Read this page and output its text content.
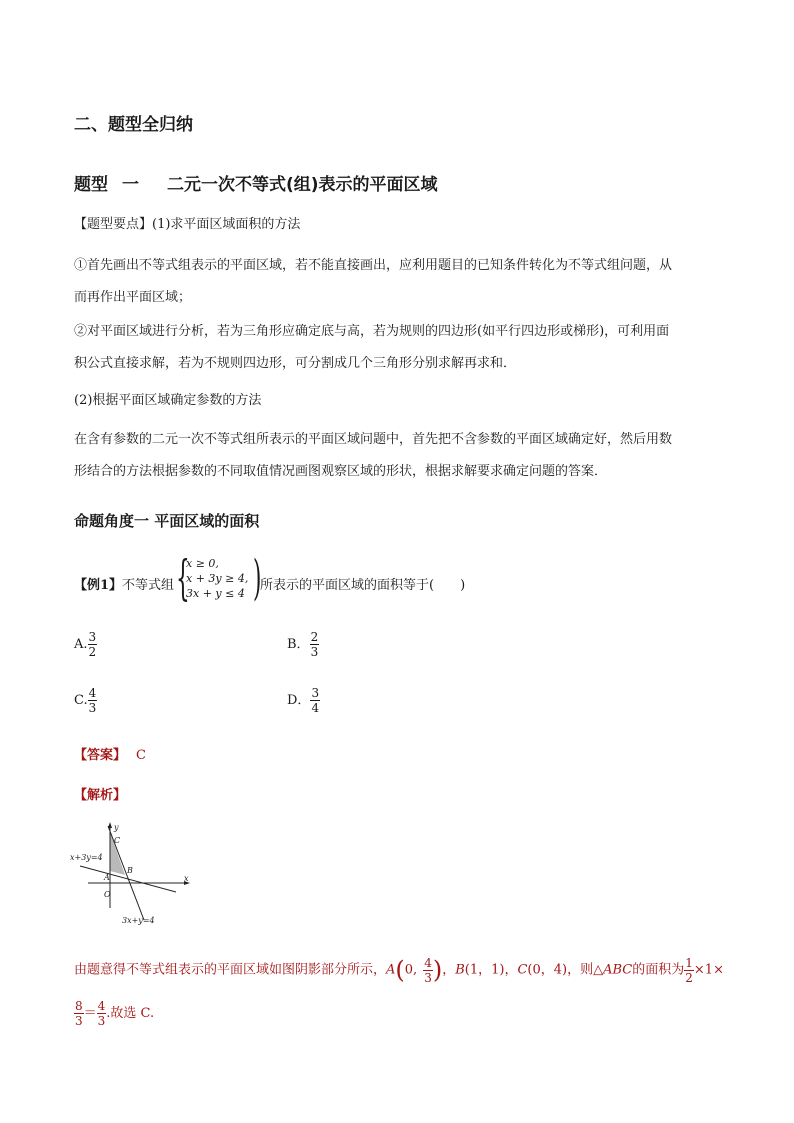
二、题型全归纳
题型 一 二元一次不等式(组)表示的平面区域
【题型要点】(1)求平面区域面积的方法
①首先画出不等式组表示的平面区域，若不能直接画出，应利用题目的已知条件转化为不等式组问题，从
而再作出平面区域；
②对平面区域进行分析，若为三角形应确定底与高，若为规则的四边形(如平行四边形或梯形)，可利用面
积公式直接求解，若为不规则四边形，可分割成几个三角形分别求解再求和．
(2)根据平面区域确定参数的方法
在含有参数的二元一次不等式组所表示的平面区域问题中，首先把不含参数的平面区域确定好，然后用数
形结合的方法根据参数的不同取值情况画图观察区域的形状，根据求解要求确定问题的答案．
命题角度一 平面区域的面积
【例1】不等式组 {
x ≥ 0,
x + 3y ≥ 4,
3x + y ≤ 4 )
所表示的平面区域的面积等于(　　)
A. $\frac{3}{2}$	B． $\frac{2}{3}$
C. $\frac{4}{3}$	D． $\frac{3}{4}$
【答案】 C
【解析】
y
x
O
A
B
C
x+3y=4
3x+y=4
由题意得不等式组表示的平面区域如图阴影部分所示，A(0, $\frac{4}{3}$ )，B(1，1)，C(0，4)，则△ABC的面积为 $\frac{1}{2} \times 1\times$
$\frac{8}{3} = \frac{4}{3}$ .故选 C.
